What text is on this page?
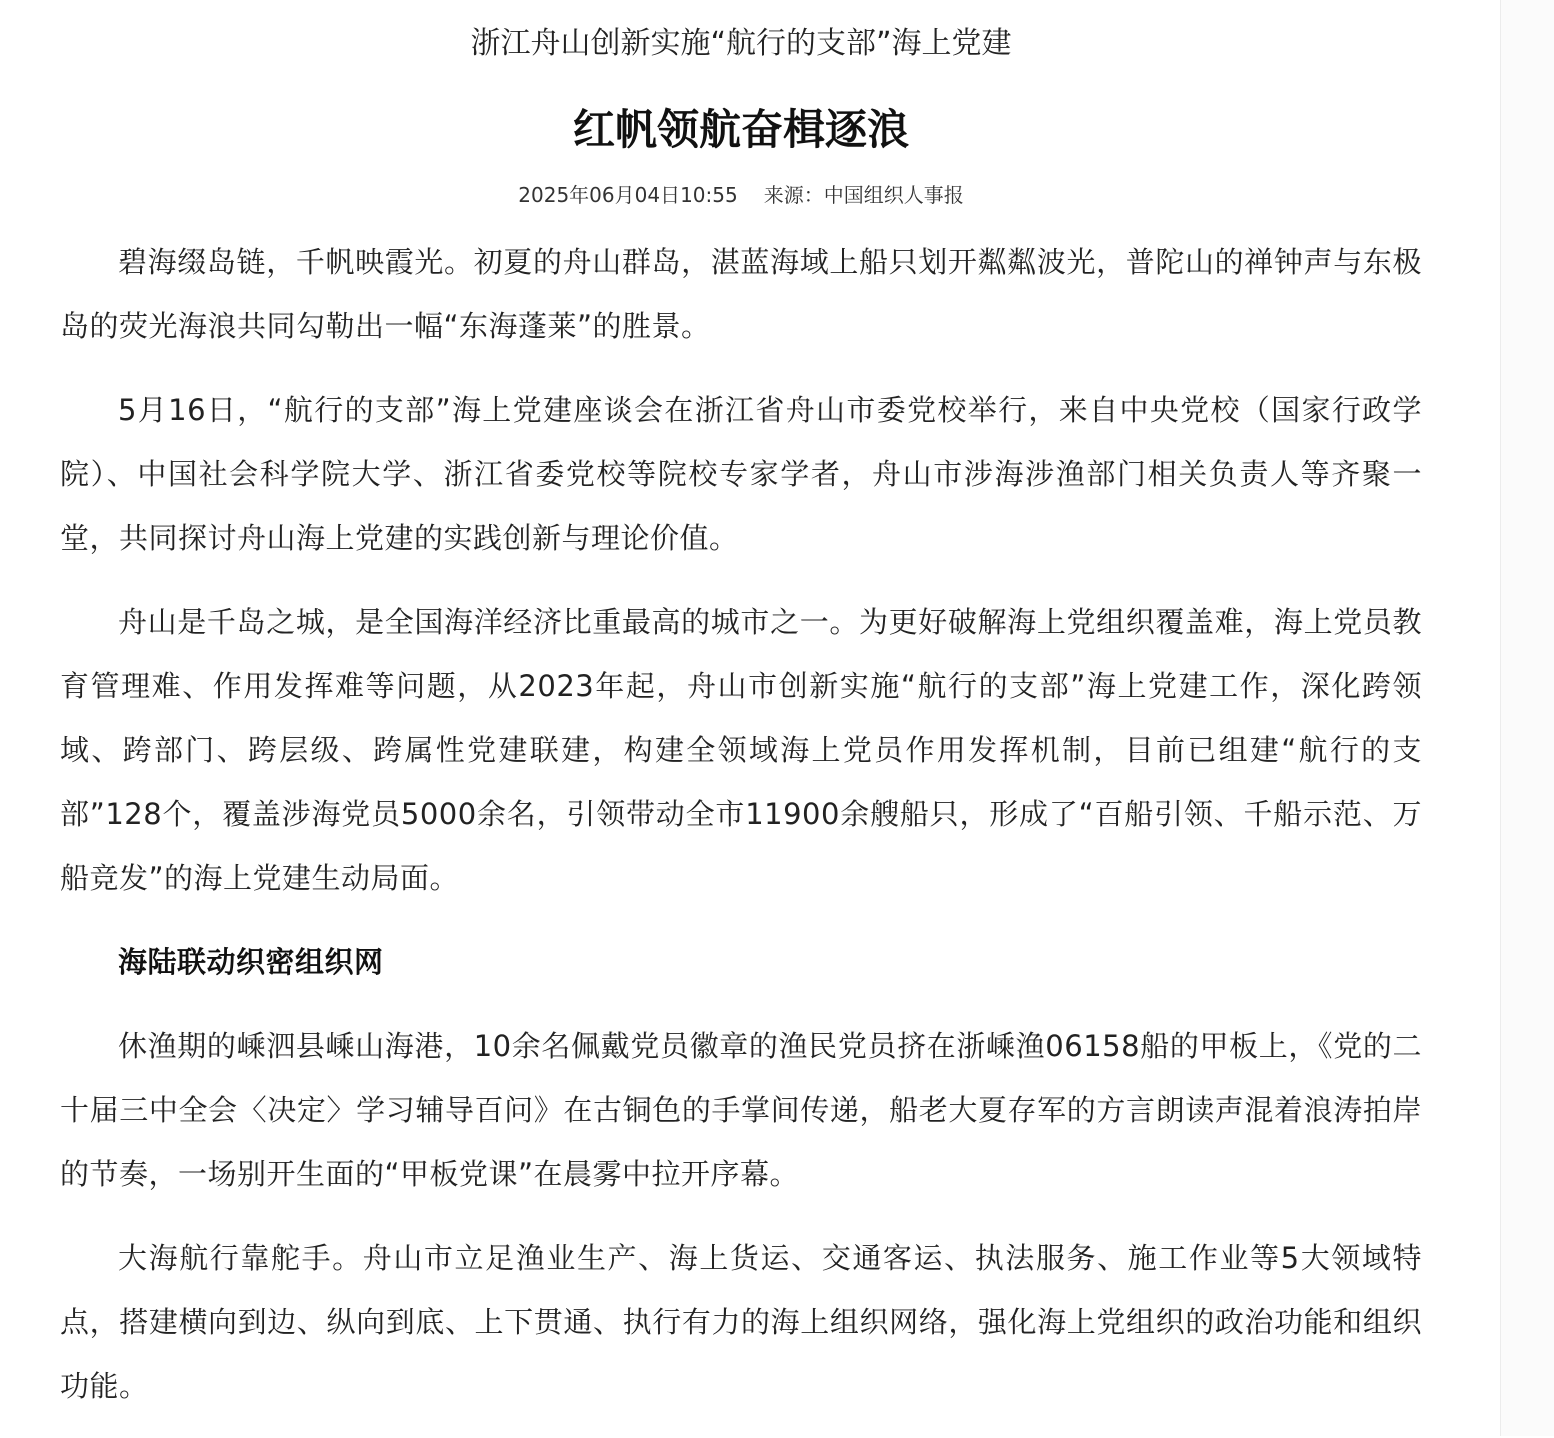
浙江舟山创新实施“航行的支部”海上党建
红帆领航奋楫逐浪
2025年06月04日10:55 来源：中国组织人事报

碧海缀岛链，千帆映霞光。初夏的舟山群岛，湛蓝海域上船只划开粼粼波光，普陀山的禅钟声与东极岛的荧光海浪共同勾勒出一幅“东海蓬莱”的胜景。

5月16日，“航行的支部”海上党建座谈会在浙江省舟山市委党校举行，来自中央党校（国家行政学院）、中国社会科学院大学、浙江省委党校等院校专家学者，舟山市涉海涉渔部门相关负责人等齐聚一堂，共同探讨舟山海上党建的实践创新与理论价值。

舟山是千岛之城，是全国海洋经济比重最高的城市之一。为更好破解海上党组织覆盖难，海上党员教育管理难、作用发挥难等问题，从2023年起，舟山市创新实施“航行的支部”海上党建工作，深化跨领域、跨部门、跨层级、跨属性党建联建，构建全领域海上党员作用发挥机制，目前已组建“航行的支部”128个，覆盖涉海党员5000余名，引领带动全市11900余艘船只，形成了“百船引领、千船示范、万船竞发”的海上党建生动局面。

海陆联动织密组织网

休渔期的嵊泗县嵊山海港，10余名佩戴党员徽章的渔民党员挤在浙嵊渔06158船的甲板上，《党的二十届三中全会〈决定〉学习辅导百问》在古铜色的手掌间传递，船老大夏存军的方言朗读声混着浪涛拍岸的节奏，一场别开生面的“甲板党课”在晨雾中拉开序幕。

大海航行靠舵手。舟山市立足渔业生产、海上货运、交通客运、执法服务、施工作业等5大领域特点，搭建横向到边、纵向到底、上下贯通、执行有力的海上组织网络，强化海上党组织的政治功能和组织功能。
